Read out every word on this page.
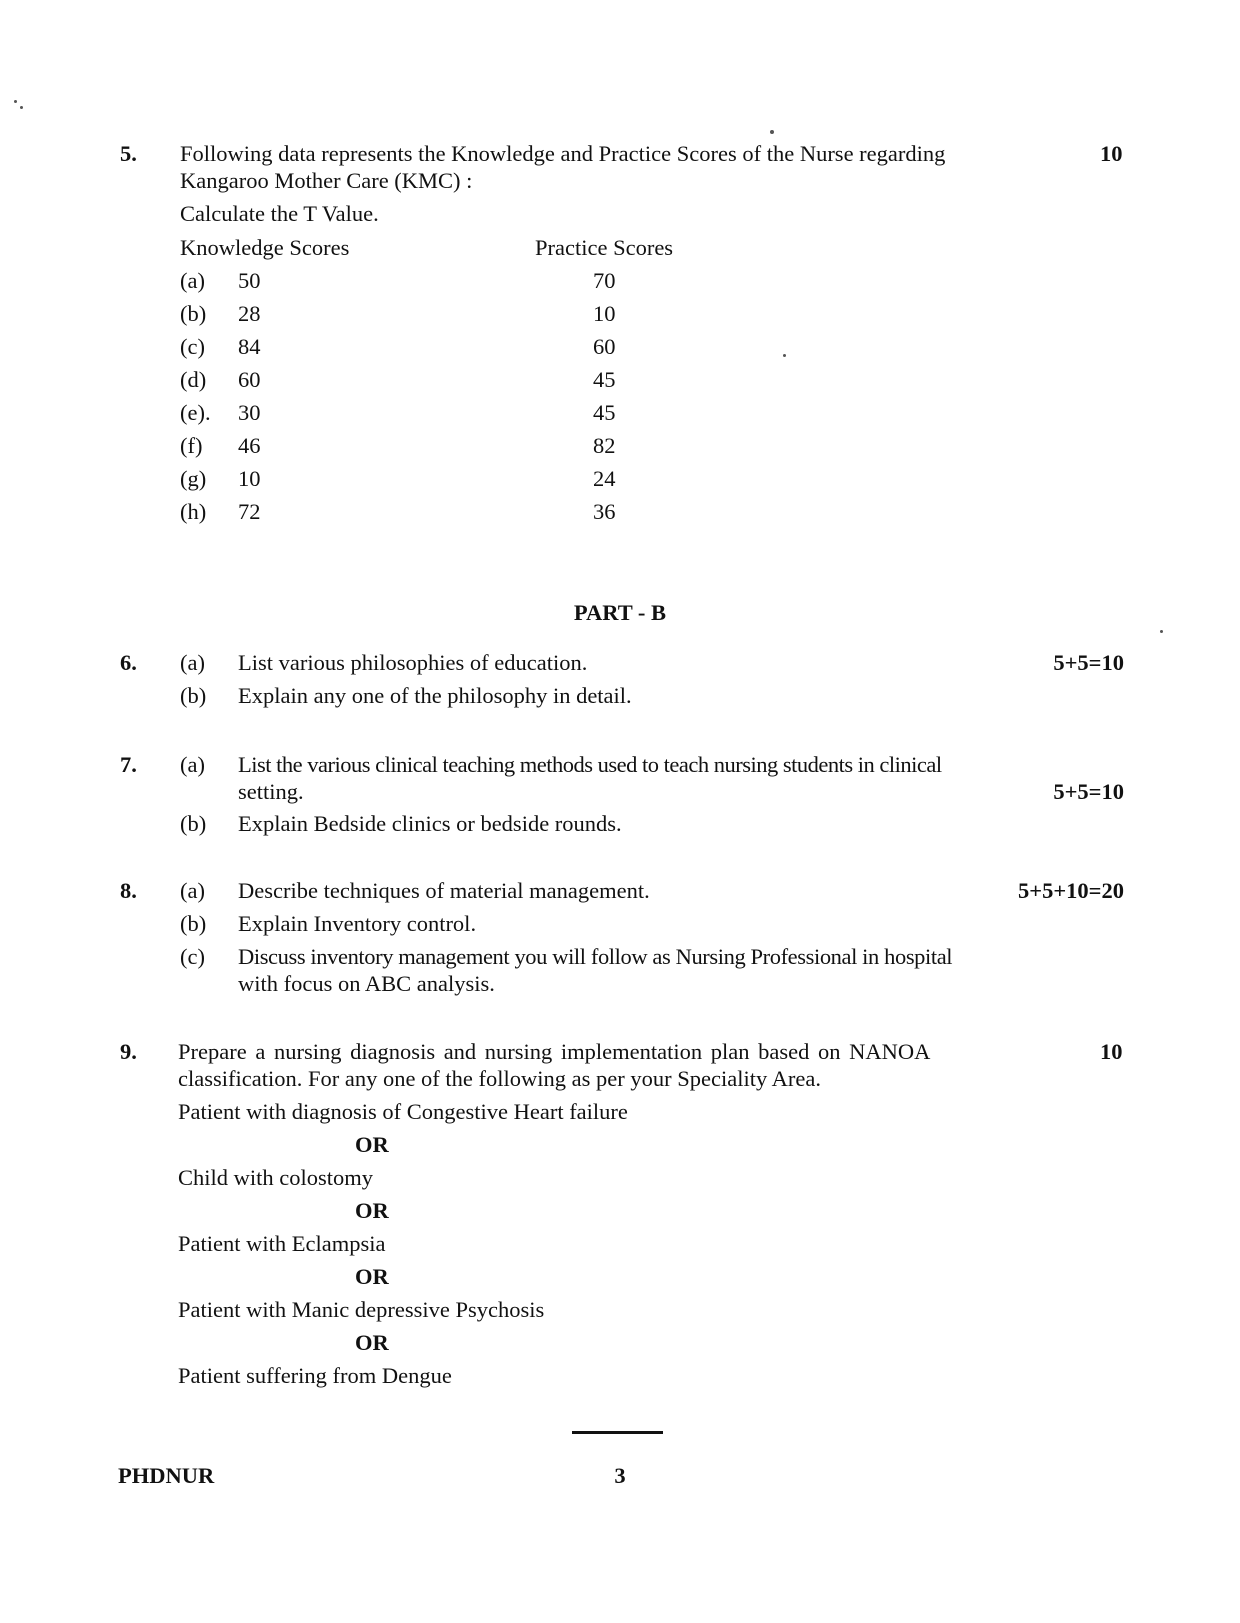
5. Following data represents the Knowledge and Practice Scores of the Nurse regarding	10
Kangaroo Mother Care (KMC) :
Calculate the T Value.
Knowledge Scores	Practice Scores
(a) 50	70
(b) 28	10
(c) 84	60
(d) 60	45
(e). 30	45
(f) 46	82
(g) 10	24
(h) 72	36
PART - B
6. (a) List various philosophies of education.	5+5=10
(b) Explain any one of the philosophy in detail.
7. (a) List the various clinical teaching methods used to teach nursing students in clinical
setting.	5+5=10
(b) Explain Bedside clinics or bedside rounds.
8. (a) Describe techniques of material management.	5+5+10=20
(b) Explain Inventory control.
(c) Discuss inventory management you will follow as Nursing Professional in hospital
with focus on ABC analysis.
9. Prepare a nursing diagnosis and nursing implementation plan based on NANOA	10
classification. For any one of the following as per your Speciality Area.
Patient with diagnosis of Congestive Heart failure
OR
Child with colostomy
OR
Patient with Eclampsia
OR
Patient with Manic depressive Psychosis
OR
Patient suffering from Dengue
PHDNUR	3
